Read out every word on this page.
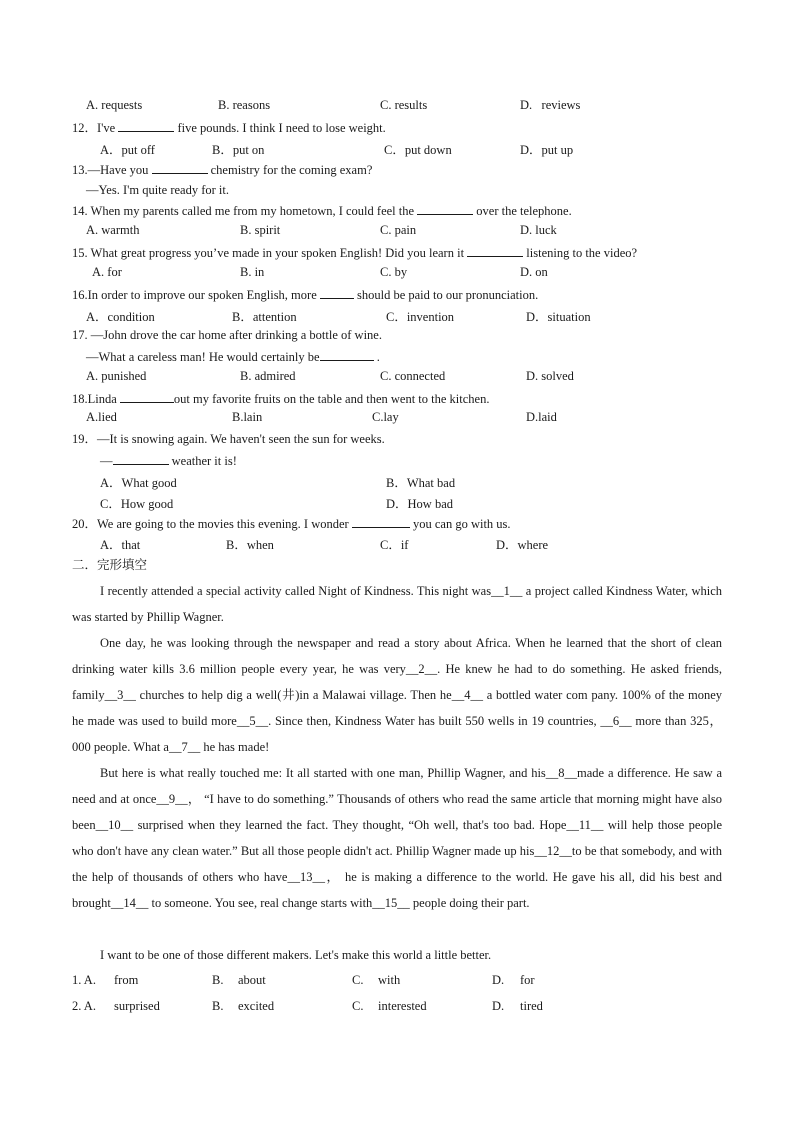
A. requests	B. reasons	C. results	D.   reviews
12．I've	five pounds. I think I need to lose weight.
A．put off	B．put on	C．put down	D．put up
13.—Have you	chemistry for the coming exam?
—Yes. I'm quite ready for it.
14. When my parents called me from my hometown, I could feel the	over the telephone.
A. warmth	B. spirit	C. pain	D. luck
15. What great progress you’ve made in your spoken English! Did you learn it	listening to the video?
A. for	B. in	C. by	D. on
16.In order to improve our spoken English, more	should be paid to our pronunciation.
A．condition	B．attention	C．invention	D．situation
17. —John drove the car home after drinking a bottle of wine.
—What a careless man! He would certainly be	.
A. punished	B. admired	C. connected	D. solved
18.Linda	out my favorite fruits on the table and then went to the kitchen.
A.lied	B.lain	C.lay	D.laid
19．—It is snowing again. We haven't seen the sun for weeks.
—	weather it is!
A．What good	B．What bad
C．How good	D．How bad
20．We are going to the movies this evening. I wonder	you can go with us.
A．that	B．when	C．if	D．where
二．完形填空
I recently attended a special activity called Night of Kindness. This night was__1__ a project called Kindness Water, which was started by Phillip Wagner.
One day, he was looking through the newspaper and read a story about Africa. When he learned that the short of clean drinking water kills 3.6 million people every year, he was very__2__. He knew he had to do something. He asked friends, family__3__ churches to help dig a well(井)in a Malawai village. Then he__4__ a bottled water com pany. 100% of the money he made was used to build more__5__. Since then, Kindness Water has built 550 wells in 19 countries, __6__ more than 325，000 people. What a__7__ he has made!
But here is what really touched me: It all started with one man, Phillip Wagner, and his__8__made a difference. He saw a need and at once__9__， “I have to do something.” Thousands of others who read the same article that morning might have also been__10__ surprised when they learned the fact. They thought, “Oh well, that's too bad. Hope__11__ will help those people who don't have any clean water.” But all those people didn't act. Phillip Wagner made up his__12__to be that somebody, and with the help of thousands of others who have__13__， he is making a difference to the world. He gave his all, did his best and brought__14__ to someone. You see, real change starts with__15__ people doing their part.
I want to be one of those different makers. Let's make this world a little better.
1. A. from	B. about	C. with	D. for
2. A. surprised	B. excited	C. interested	D. tired
